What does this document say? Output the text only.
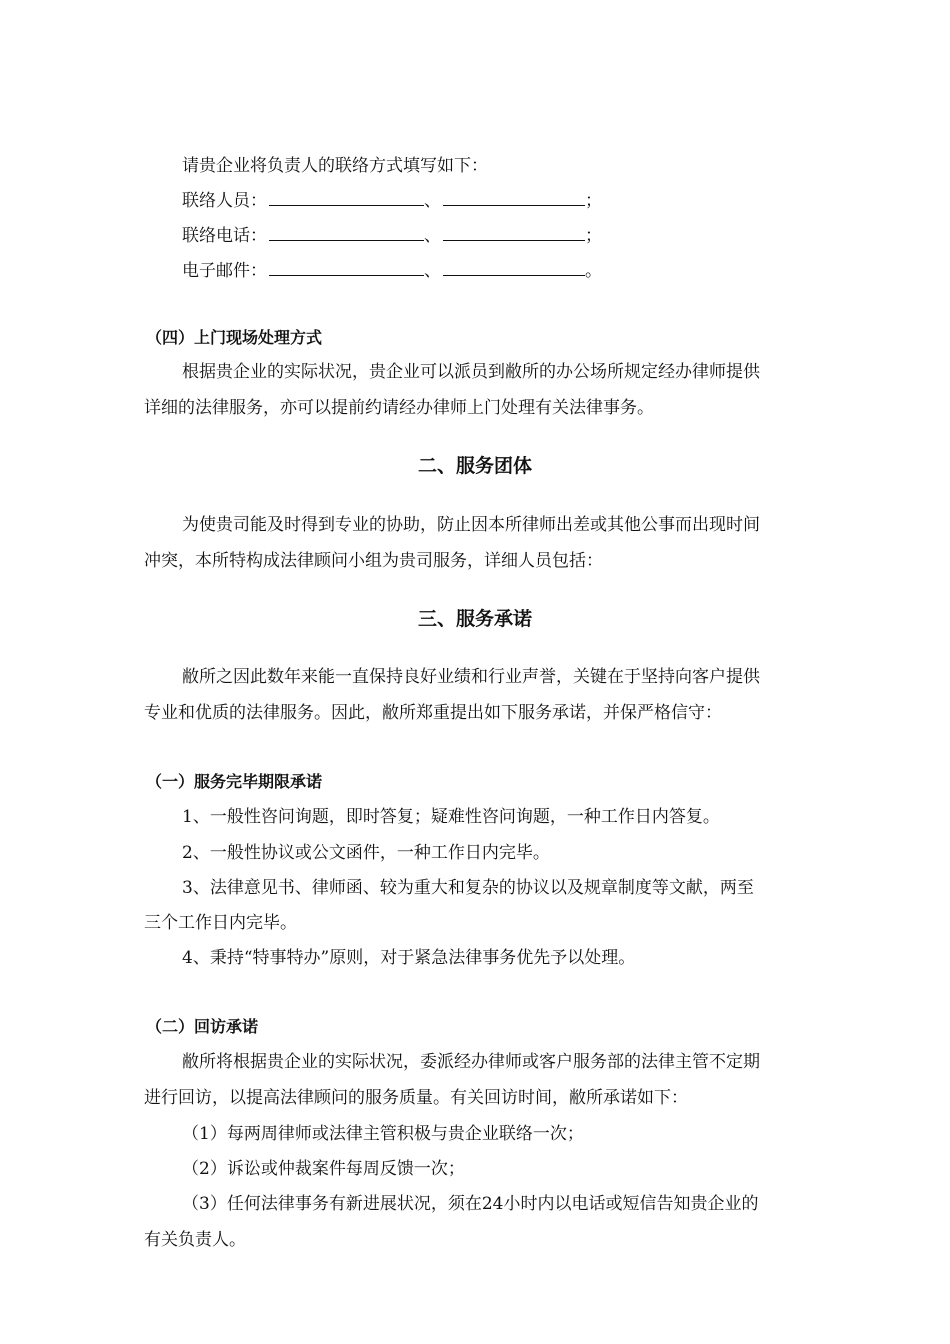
请贵企业将负责人的联络方式填写如下：
联络人员：	、	；
联络电话：	、	；
电子邮件：	、	。
（四）上门现场处理方式
根据贵企业的实际状况，贵企业可以派员到敝所的办公场所规定经办律师提供
详细的法律服务，亦可以提前约请经办律师上门处理有关法律事务。
二、服务团体
为使贵司能及时得到专业的协助，防止因本所律师出差或其他公事而出现时间
冲突，本所特构成法律顾问小组为贵司服务，详细人员包括：
三、服务承诺
敝所之因此数年来能一直保持良好业绩和行业声誉，关键在于坚持向客户提供
专业和优质的法律服务。因此，敝所郑重提出如下服务承诺，并保严格信守：
（一）服务完毕期限承诺
1、一般性咨问询题，即时答复；疑难性咨问询题，一种工作日内答复。
2、一般性协议或公文函件，一种工作日内完毕。
3、法律意见书、律师函、较为重大和复杂的协议以及规章制度等文献，两至
三个工作日内完毕。
4、秉持“特事特办”原则，对于紧急法律事务优先予以处理。
（二）回访承诺
敝所将根据贵企业的实际状况，委派经办律师或客户服务部的法律主管不定期
进行回访，以提高法律顾问的服务质量。有关回访时间，敝所承诺如下：
（1）每两周律师或法律主管积极与贵企业联络一次；
（2）诉讼或仲裁案件每周反馈一次；
（3）任何法律事务有新进展状况，须在24小时内以电话或短信告知贵企业的
有关负责人。
